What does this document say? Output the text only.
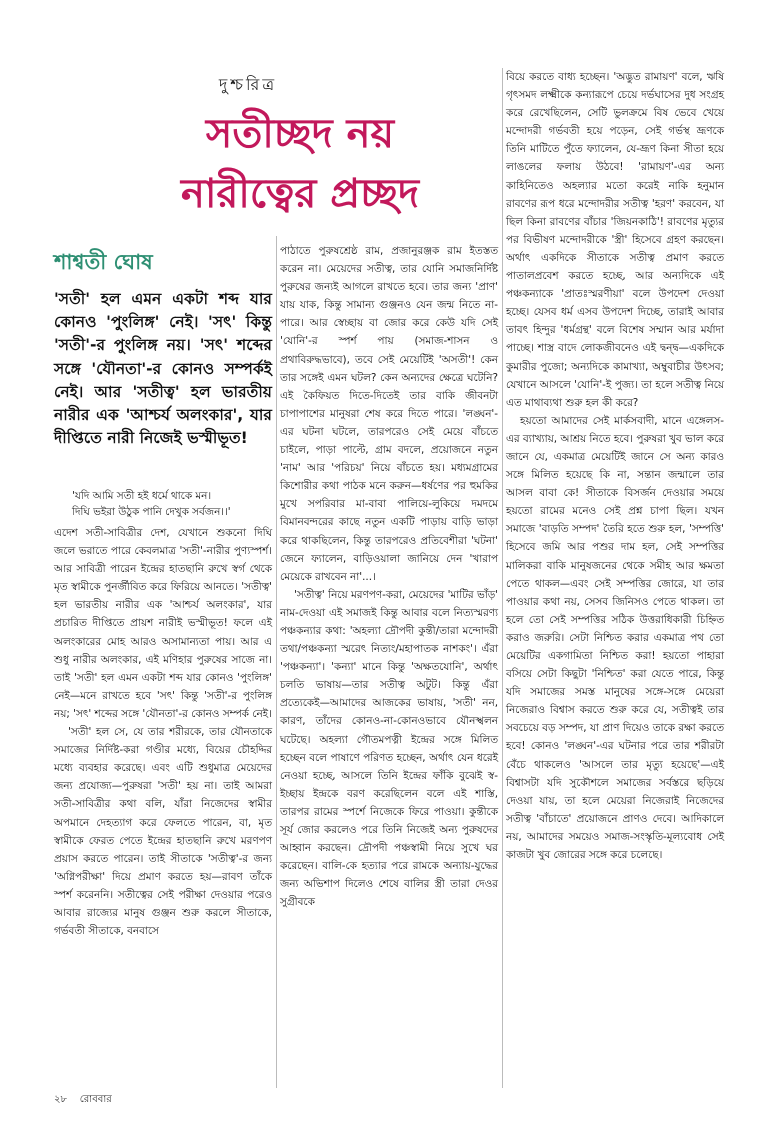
দুশ্চরিত্র
সতীচ্ছদ নয়
নারীত্বের প্রচ্ছদ
শাশ্বতী ঘোষ

'সতী' হল এমন একটা শব্দ যার কোনও 'পুংলিঙ্গ' নেই। 'সৎ' কিন্তু 'সতী'-র পুংলিঙ্গ নয়। 'সৎ' শব্দের সঙ্গে 'যৌনতা'-র কোনও সম্পর্কই নেই। আর 'সতীত্ব' হল ভারতীয় নারীর এক 'আশ্চর্য অলংকার', যার দীপ্তিতে নারী নিজেই ভস্মীভূত!

'যদি আমি সতী হই ধর্মে থাকে মন।

দিঘি ভইরা উঠুক পানি দেখুক সর্বজন।।'

এদেশ সতী-সাবিত্রীর দেশ, যেখানে শুকনো দিঘি জলে ভরাতে পারে কেবলমাত্র 'সতী'-নারীর পুণ্যস্পর্শ। আর সাবিত্রী পারেন ইন্দ্রের হাতছানি রুখে স্বর্গ থেকে মৃত স্বামীকে পুনর্জীবিত করে ফিরিয়ে আনতে। 'সতীত্ব' হল ভারতীয় নারীর এক 'আশ্চর্য অলংকার', যার প্রচারিত দীপ্তিতে প্রায়শ নারীই ভস্মীভূত! ফলে এই অলংকারের মোহ আরও অসামান্যতা পায়। আর এ শুধু নারীর অলংকার, এই মণিহার পুরুষের সাজে না। তাই 'সতী' হল এমন একটা শব্দ যার কোনও 'পুংলিঙ্গ' নেই—মনে রাখতে হবে 'সৎ' কিন্তু 'সতী'-র পুংলিঙ্গ নয়; 'সৎ' শব্দের সঙ্গে 'যৌনতা'-র কোনও সম্পর্ক নেই।

'সতী' হল সে, যে তার শরীরকে, তার যৌনতাকে সমাজের নির্দিষ্ট-করা গণ্ডীর মধ্যে, বিয়ের চৌহদ্দির মধ্যে ব্যবহার করেছে। এবং এটি শুধুমাত্র মেয়েদের জন্য প্রযোজ্য—পুরুষরা 'সতী' হয় না। তাই আমরা সতী-সাবিত্রীর কথা বলি, যাঁরা নিজেদের স্বামীর অপমানে দেহত্যাগ করে ফেলতে পারেন, বা, মৃত স্বামীকে ফেরত পেতে ইন্দ্রের হাতছানি রুখে মরণপণ প্রয়াস করতে পারেন। তাই সীতাকে 'সতীত্ব'-র জন্য 'অগ্নিপরীক্ষা' দিয়ে প্রমাণ করতে হয়—রাবণ তাঁকে স্পর্শ করেননি। সতীত্বের সেই পরীক্ষা দেওয়ার পরেও আবার রাজ্যের মানুষ গুঞ্জন শুরু করলে সীতাকে, গর্ভবতী সীতাকে, বনবাসে

পাঠাতে পুরুষশ্রেষ্ঠ রাম, প্রজানুরঞ্জক রাম ইতস্তত করেন না। মেয়েদের সতীত্ব, তার যোনি সমাজনির্দিষ্ট পুরুষের জন্যই আগলে রাখতে হবে। তার জন্য 'প্রাণ' যায় যাক, কিন্তু সামান্য গুঞ্জনও যেন জন্ম নিতে না-পারে। আর স্বেচ্ছায় বা জোর করে কেউ যদি সেই 'যোনি'-র স্পর্শ পায় (সমাজ-শাসন ও প্রথাবিরুদ্ধভাবে), তবে সেই মেয়েটিই 'অসতী'! কেন তার সঙ্গেই এমন ঘটল? কেন অন্যদের ক্ষেত্রে ঘটেনি? এই কৈফিয়ত দিতে-দিতেই তার বাকি জীবনটা চাপাপাশের মানুষরা শেষ করে দিতে পারে। 'লঙ্ঘন'-এর ঘটনা ঘটলে, তারপরেও সেই মেয়ে বাঁচতে চাইলে, পাড়া পাল্টে, গ্রাম বদলে, প্রয়োজনে নতুন 'নাম' আর 'পরিচয়' নিয়ে বাঁচতে হয়। মধ্যমগ্রামের কিশোরীর কথা পাঠক মনে করুন—ধর্ষণের পর হুমকির মুখে সপরিবার মা-বাবা পালিয়ে-লুকিয়ে দমদমে বিমানবন্দরের কাছে নতুন একটি পাড়ায় বাড়ি ভাড়া করে থাকছিলেন, কিন্তু তারপরেও প্রতিবেশীরা 'ঘটনা' জেনে ফ্যালেন, বাড়িওয়ালা জানিয়ে দেন 'খারাপ মেয়েকে রাখবেন না'...।

'সতীত্ব' নিয়ে মরণপণ-করা, মেয়েদের 'মাটির ভাঁড়' নাম-দেওয়া এই সমাজই কিন্তু আবার বলে নিত্যস্মরণ্য পঞ্চকন্যার কথা: 'অহল্যা দ্রৌপদী কুন্তী/তারা মন্দোদরী তথা/পঞ্চকন্যা স্মরেৎ নিত্যং/মহাপাতক নাশকং'। এঁরা 'পঞ্চকন্যা'। 'কন্যা' মানে কিন্তু 'অক্ষতযোনি', অর্থাৎ চলতি ভাষায়—তার সতীত্ব অটুট। কিন্তু এঁরা প্রত্যেকেই—আমাদের আজকের ভাষায়, 'সতী' নন, কারণ, তাঁদের কোনও-না-কোনওভাবে যৌনস্খলন ঘটেছে। অহল্যা গৌতমপত্নী ইন্দ্রের সঙ্গে মিলিত হচ্ছেন বলে পাষাণে পরিণত হচ্ছেন, অর্থাৎ যেন ধরেই নেওয়া হচ্ছে, আসলে তিনি ইন্দ্রের ফাঁকি বুঝেই স্ব-ইচ্ছায় ইন্দ্রকে বরণ করেছিলেন বলে এই শাস্তি, তারপর রামের স্পর্শে নিজেকে ফিরে পাওয়া। কুন্তীকে সূর্য জোর করলেও পরে তিনি নিজেই অন্য পুরুষদের আহ্বান করছেন। দ্রৌপদী পঞ্চস্বামী নিয়ে সুখে ঘর করেছেন। বালি-কে হত্যার পরে রামকে অন্যায়-যুদ্ধের জন্য অভিশাপ দিলেও শেষে বালির স্ত্রী তারা দেওর সুগ্রীবকে

বিয়ে করতে বাধ্য হচ্ছেন। 'অদ্ভুত রামায়ণ' বলে, ঋষি গৃৎসমদ লক্ষ্মীকে কন্যারূপে চেয়ে দর্ভঘাসের দুধ সংগ্রহ করে রেখেছিলেন, সেটি ভুলক্রমে বিষ ভেবে খেয়ে মন্দোদরী গর্ভবতী হয়ে পড়েন, সেই গর্ভস্থ ভ্রূণকে তিনি মাটিতে পুঁতে ফ্যালেন, যে-ভ্রূণ কিনা সীতা হয়ে লাঙলের ফলায় উঠবে! 'রামায়ণ'-এর অন্য কাহিনিতেও অহল্যার মতো করেই নাকি হনুমান রাবণের রূপ ধরে মন্দোদরীর সতীত্ব 'হরণ' করবেন, যা ছিল কিনা রাবণের বাঁচার 'জিয়নকাঠি'! রাবণের মৃত্যুর পর বিভীষণ মন্দোদরীকে 'স্ত্রী' হিসেবে গ্রহণ করছেন। অর্থাৎ একদিকে সীতাকে সতীত্ব প্রমাণ করতে পাতালপ্রবেশ করতে হচ্ছে, আর অন্যদিকে এই পঞ্চকন্যাকে 'প্রাতঃস্মরণীয়া' বলে উপদেশ দেওয়া হচ্ছে। যেসব ধর্ম এসব উপদেশ দিচ্ছে, তারাই আবার তাবৎ হিন্দুর 'ধর্মগ্রন্থ' বলে বিশেষ সম্মান আর মর্যাদা পাচ্ছে। শাস্ত্র বাদে লোকজীবনেও এই দ্বন্দ্ব—একদিকে কুমারীর পুজো; অন্যদিকে কামাখ্যা, অম্বুবাচীর উৎসব; যেখানে আসলে 'যোনি'-ই পুজ্য। তা হলে সতীত্ব নিয়ে এত মাথাব্যথা শুরু হল কী করে?

হয়তো আমাদের সেই মার্কসবাদী, মানে এঙ্গেলস-এর ব্যাখ্যায়, আশ্রয় নিতে হবে। পুরুষরা খুব ভাল করে জানে যে, একমাত্র মেয়েটিই জানে সে অন্য কারও সঙ্গে মিলিত হয়েছে কি না, সন্তান জন্মালে তার আসল বাবা কে! সীতাকে বিসর্জন দেওয়ার সময়ে হয়তো রামের মনেও সেই প্রশ্ন চাপা ছিল। যখন সমাজে 'বাড়তি সম্পদ' তৈরি হতে শুরু হল, 'সম্পত্তি' হিসেবে জমি আর পশুর দাম হল, সেই সম্পত্তির মালিকরা বাকি মানুষজনের থেকে সমীহ আর ক্ষমতা পেতে থাকল—এবং সেই সম্পত্তির জোরে, যা তার পাওয়ার কথা নয়, সেসব জিনিসও পেতে থাকল। তা হলে তো সেই সম্পত্তির সঠিক উত্তরাধিকারী চিহ্নিত করাও জরুরি। সেটা নিশ্চিত করার একমাত্র পথ তো মেয়েটির একগামিতা নিশ্চিত করা! হয়তো পাহারা বসিয়ে সেটা কিছুটা 'নিশ্চিত' করা যেতে পারে, কিন্তু যদি সমাজের সমস্ত মানুষের সঙ্গে-সঙ্গে মেয়েরা নিজেরাও বিশ্বাস করতে শুরু করে যে, সতীত্বই তার সবচেয়ে বড় সম্পদ, যা প্রাণ দিয়েও তাকে রক্ষা করতে হবে! কোনও 'লঙ্ঘন'-এর ঘটনার পরে তার শরীরটা বেঁচে থাকলেও 'আসলে তার মৃত্যু হয়েছে'—এই বিশ্বাসটা যদি সুকৌশলে সমাজের সর্বস্তরে ছড়িয়ে দেওয়া যায়, তা হলে মেয়েরা নিজেরাই নিজেদের সতীত্ব 'বাঁচাতে' প্রয়োজনে প্রাণও দেবে। আদিকালে নয়, আমাদের সময়েও সমাজ-সংস্কৃতি-মূল্যবোধ সেই কাজটা খুব জোরের সঙ্গে করে চলেছে।

২৮ রোববার
